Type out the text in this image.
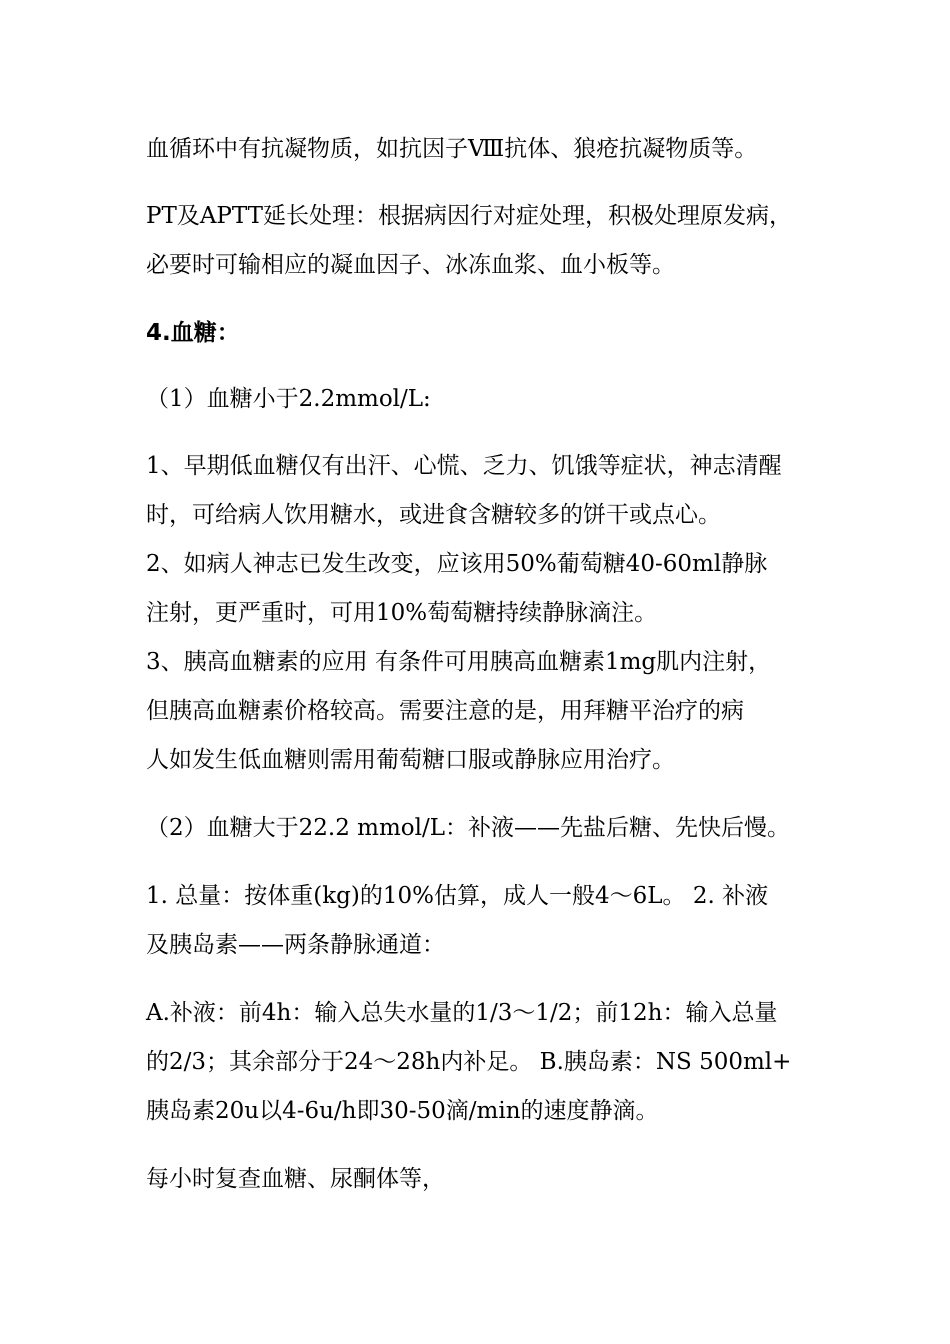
血循环中有抗凝物质，如抗因子Ⅷ抗体、狼疮抗凝物质等。

PT及APTT延长处理：根据病因行对症处理，积极处理原发病，

必要时可输相应的凝血因子、冰冻血浆、血小板等。

4.血糖：

（1）血糖小于2.2mmol/L:

1、早期低血糖仅有出汗、心慌、乏力、饥饿等症状，神志清醒

时，可给病人饮用糖水，或进食含糖较多的饼干或点心。

2、如病人神志已发生改变，应该用50%葡萄糖40-60ml静脉

注射，更严重时，可用10%萄萄糖持续静脉滴注。

3、胰高血糖素的应用 有条件可用胰高血糖素1mg肌内注射，

但胰高血糖素价格较高。需要注意的是，用拜糖平治疗的病

人如发生低血糖则需用葡萄糖口服或静脉应用治疗。

（2）血糖大于22.2 mmol/L：补液——先盐后糖、先快后慢。

1. 总量：按体重(kg)的10%估算，成人一般4～6L。 2. 补液

及胰岛素——两条静脉通道：

A.补液：前4h：输入总失水量的1/3～1/2；前12h：输入总量

的2/3；其余部分于24～28h内补足。 B.胰岛素：NS 500ml+

胰岛素20u以4-6u/h即30-50滴/min的速度静滴。

每小时复查血糖、尿酮体等，
